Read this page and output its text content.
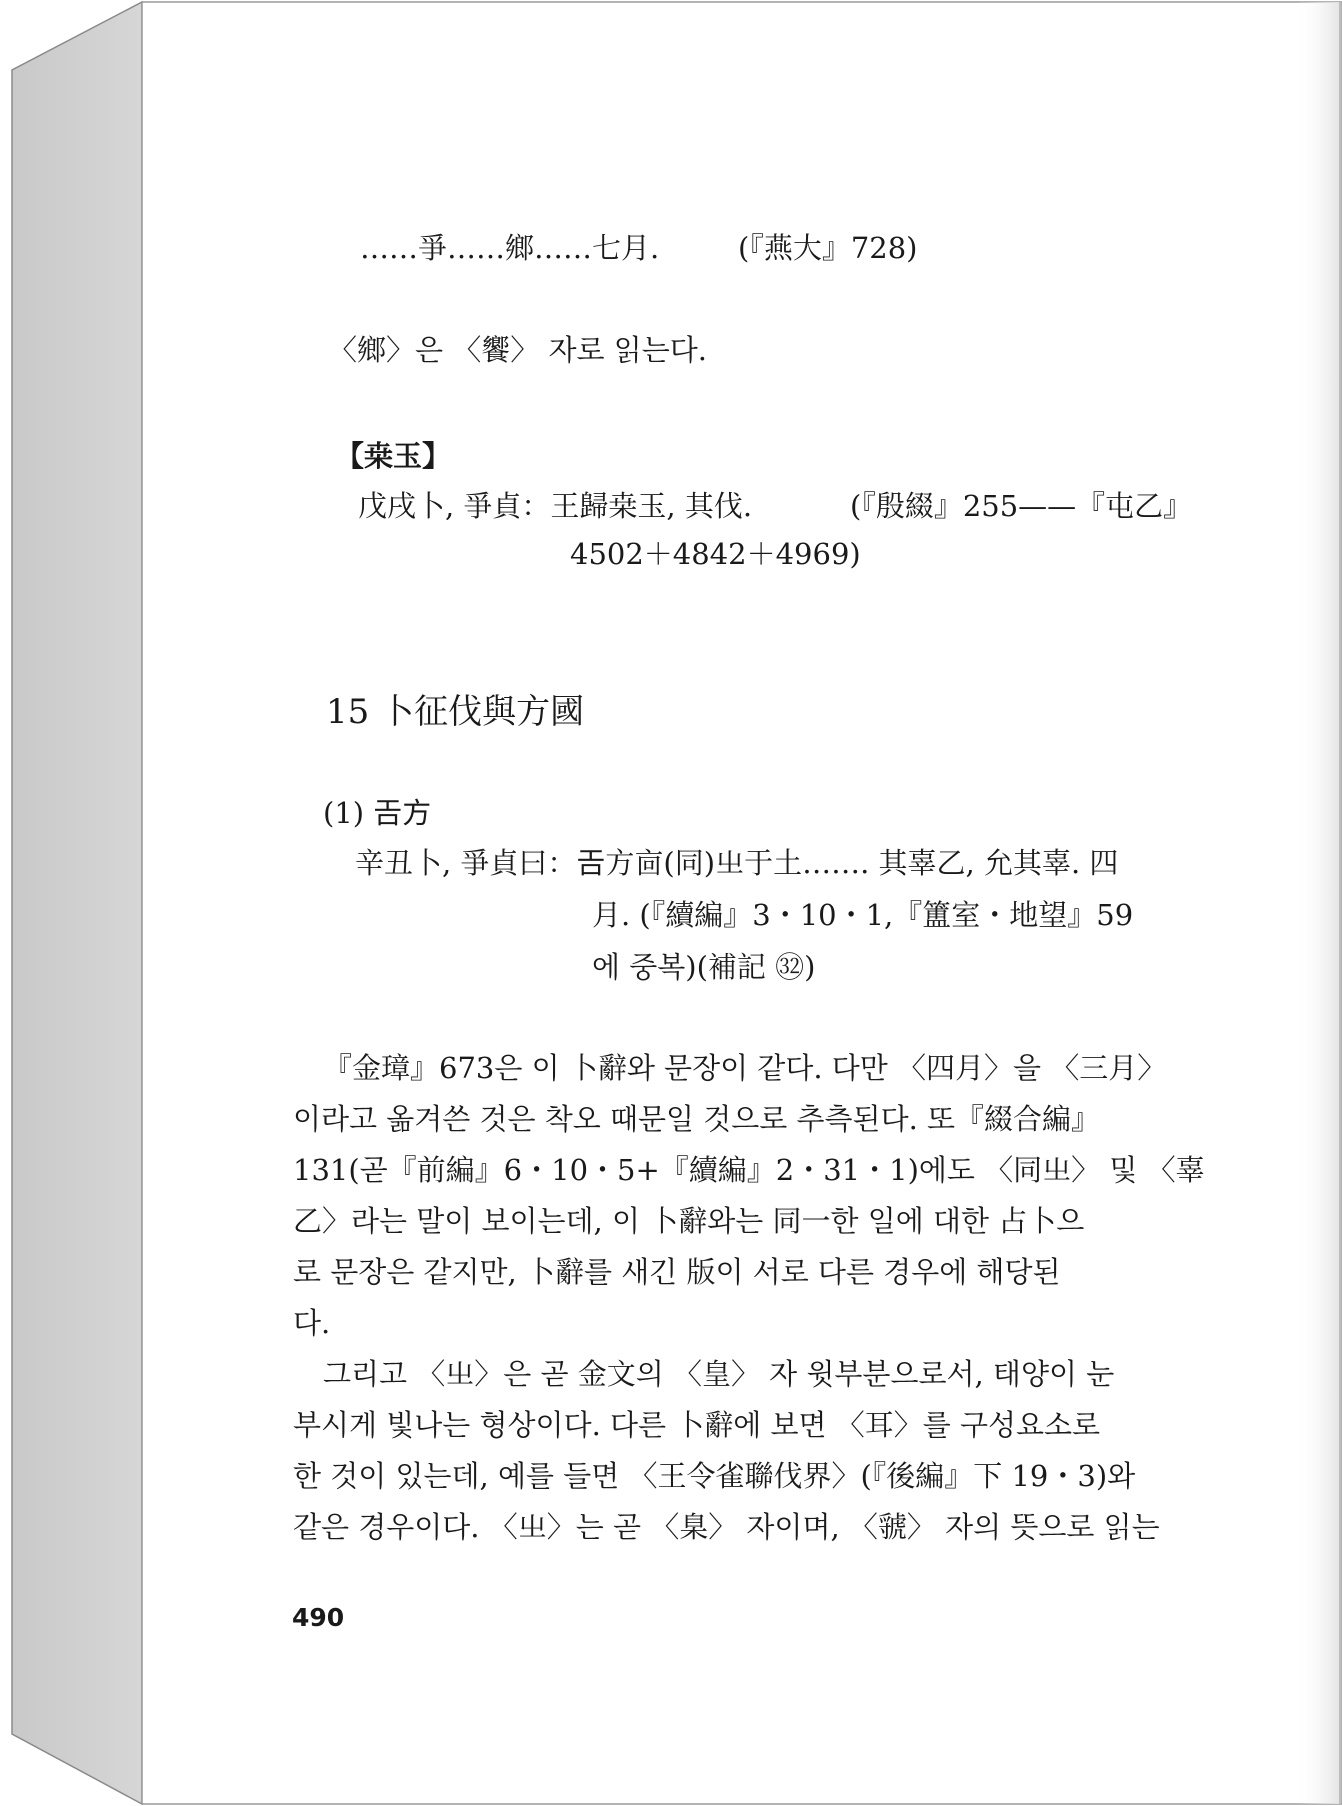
……爭……鄉……七月.	(『燕大』728)
〈鄉〉은 〈饗〉 자로 읽는다.
【桒玉】
戊戌卜, 爭貞：王歸桒玉, 其伐.	(『殷綴』255——『屯乙』
4502＋4842＋4969)
15 卜征伐與方國
(1) 𢀛方
辛丑卜, 爭貞曰：𢀛方㐭(同)㞢于土……. 其辜乙, 允其辜. 四
月. (『續編』3・10・1,『簠室・地望』59
에 중복)(補記 ㉜)
『金璋』673은 이 卜辭와 문장이 같다. 다만 〈四月〉을 〈三月〉
이라고 옮겨쓴 것은 착오 때문일 것으로 추측된다. 또『綴合編』
131(곧『前編』6・10・5+『續編』2・31・1)에도 〈同㞢〉 및 〈辜
乙〉라는 말이 보이는데, 이 卜辭와는 同一한 일에 대한 占卜으
로 문장은 같지만, 卜辭를 새긴 版이 서로 다른 경우에 해당된
다.
그리고 〈㞢〉은 곧 金文의 〈皇〉 자 윗부분으로서, 태양이 눈
부시게 빛나는 형상이다. 다른 卜辭에 보면 〈耳〉를 구성요소로
한 것이 있는데, 예를 들면 〈王令雀聯伐界〉(『後編』下 19・3)와
같은 경우이다. 〈㞢〉는 곧 〈臬〉 자이며, 〈虢〉 자의 뜻으로 읽는
490
